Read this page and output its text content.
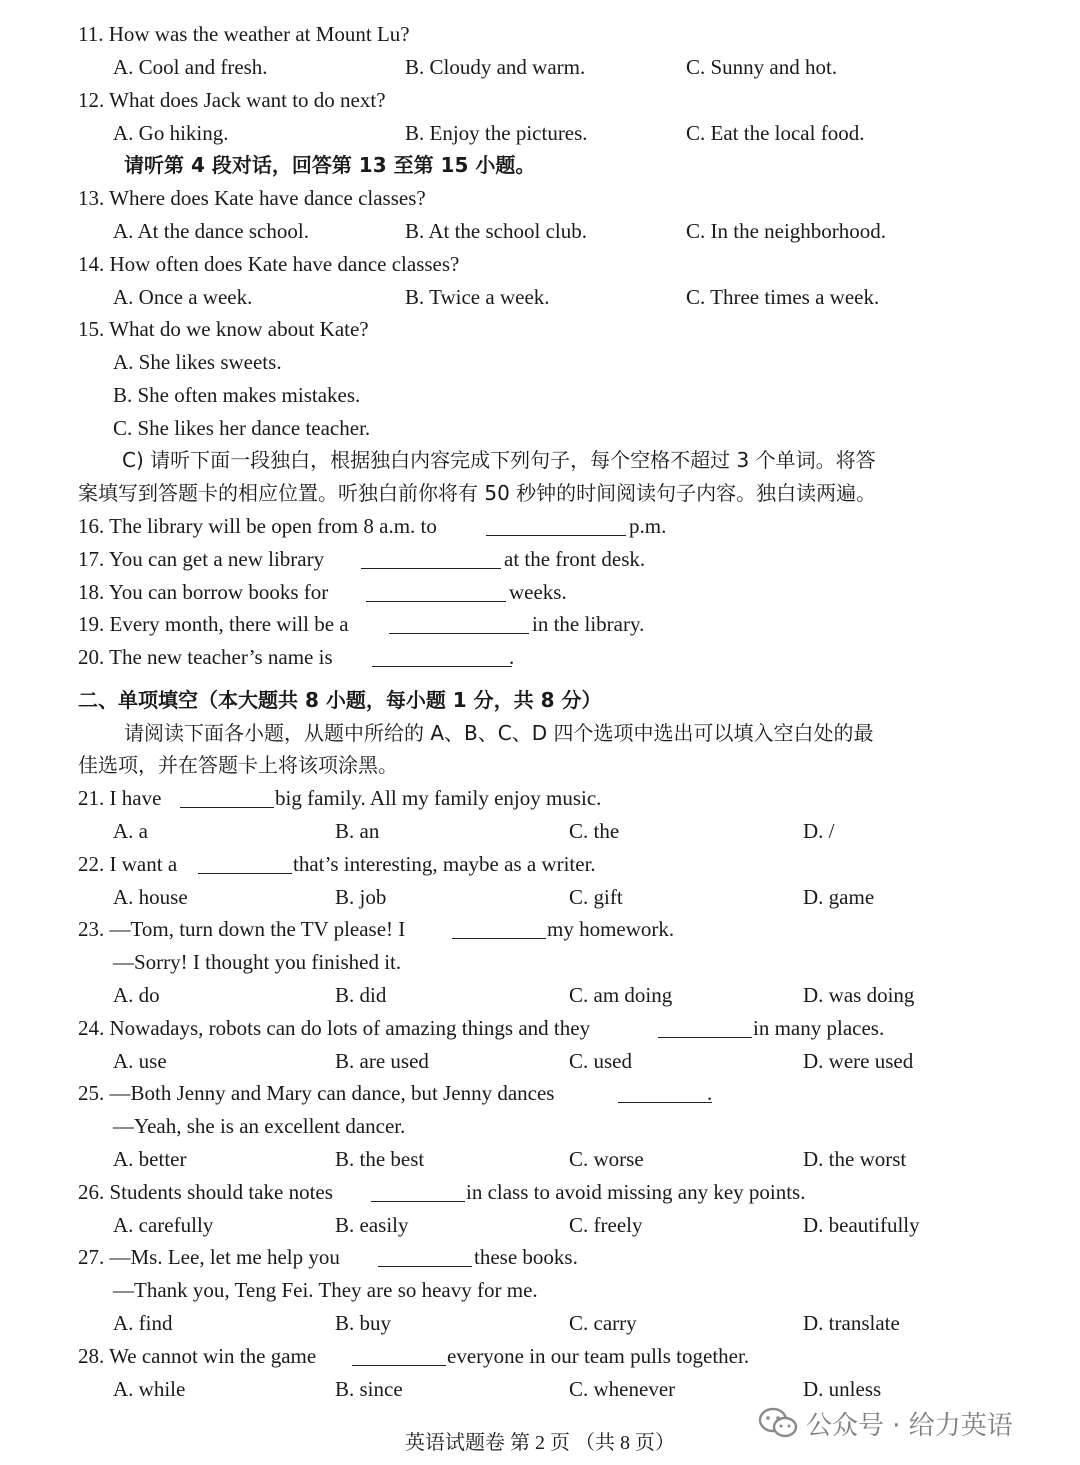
11. How was the weather at Mount Lu?
A. Cool and fresh.	B. Cloudy and warm.	C. Sunny and hot.
12. What does Jack want to do next?
A. Go hiking.	B. Enjoy the pictures.	C. Eat the local food.
请听第 4 段对话，回答第 13 至第 15 小题。
13. Where does Kate have dance classes?
A. At the dance school.	B. At the school club.	C. In the neighborhood.
14. How often does Kate have dance classes?
A. Once a week.	B. Twice a week.	C. Three times a week.
15. What do we know about Kate?
A. She likes sweets.
B. She often makes mistakes.
C. She likes her dance teacher.
C) 请听下面一段独白，根据独白内容完成下列句子，每个空格不超过 3 个单词。将答
案填写到答题卡的相应位置。听独白前你将有 50 秒钟的时间阅读句子内容。独白读两遍。
16. The library will be open from 8 a.m. to	p.m.
17. You can get a new library	at the front desk.
18. You can borrow books for	weeks.
19. Every month, there will be a	in the library.
20. The new teacher’s name is	.
二、单项填空（本大题共 8 小题，每小题 1 分，共 8 分）
请阅读下面各小题，从题中所给的 A、B、C、D 四个选项中选出可以填入空白处的最
佳选项，并在答题卡上将该项涂黑。
21. I have	big family. All my family enjoy music.
A. a	B. an	C. the	D. /
22. I want a	that’s interesting, maybe as a writer.
A. house	B. job	C. gift	D. game
23. —Tom, turn down the TV please! I	my homework.
—Sorry! I thought you finished it.
A. do	B. did	C. am doing	D. was doing
24. Nowadays, robots can do lots of amazing things and they	in many places.
A. use	B. are used	C. used	D. were used
25. —Both Jenny and Mary can dance, but Jenny dances	.
—Yeah, she is an excellent dancer.
A. better	B. the best	C. worse	D. the worst
26. Students should take notes	in class to avoid missing any key points.
A. carefully	B. easily	C. freely	D. beautifully
27. —Ms. Lee, let me help you	these books.
—Thank you, Teng Fei. They are so heavy for me.
A. find	B. buy	C. carry	D. translate
28. We cannot win the game	everyone in our team pulls together.
A. while	B. since	C. whenever	D. unless
英语试题卷 第 2 页 （共 8 页）
公众号 · 给力英语
